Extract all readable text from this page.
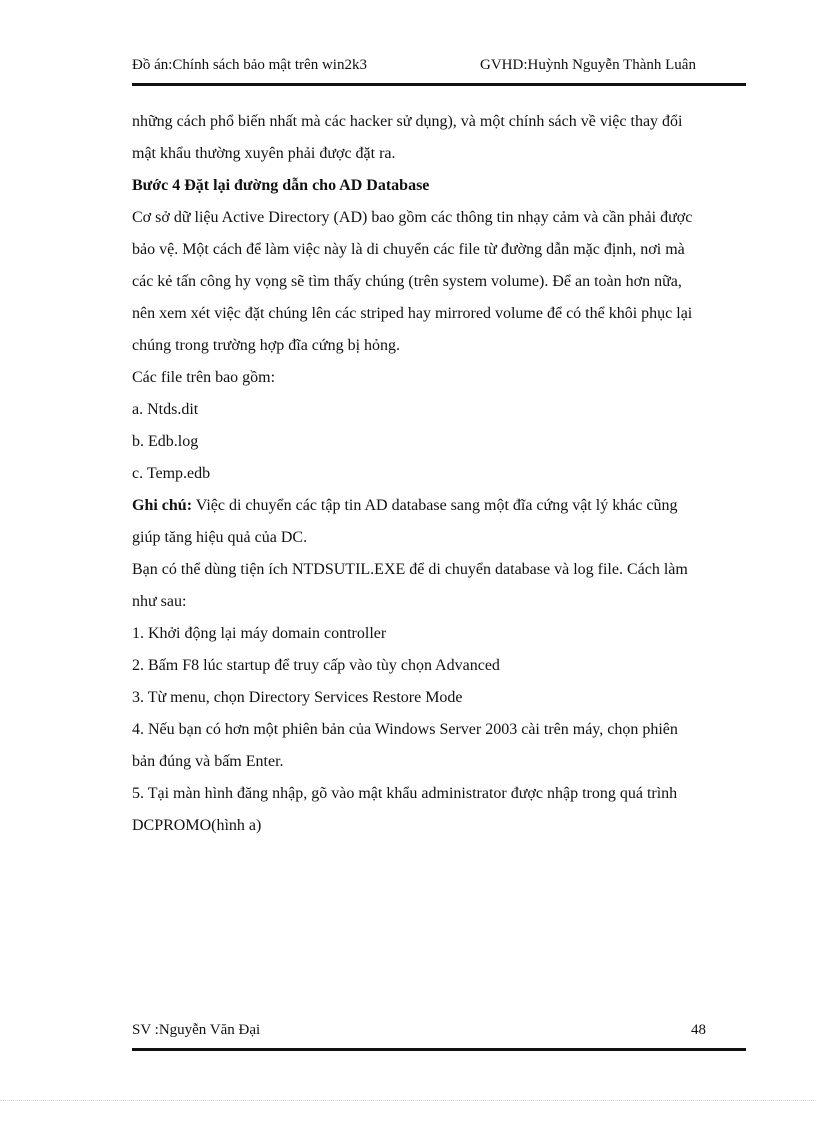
Đồ án:Chính sách bảo mật trên win2k3	GVHD:Huỳnh Nguyễn Thành Luân

những cách phổ biến nhất mà các hacker sử dụng), và một chính sách về việc thay đổi

mật khẩu thường xuyên phải được đặt ra.

Bước 4 Đặt lại đường dẫn cho AD Database

Cơ sở dữ liệu Active Directory (AD) bao gồm các thông tin nhạy cảm và cần phải được

bảo vệ. Một cách để làm việc này là di chuyển các file từ đường dẫn mặc định, nơi mà

các kẻ tấn công hy vọng sẽ tìm thấy chúng (trên system volume). Để an toàn hơn nữa,

nên xem xét việc đặt chúng lên các striped hay mirrored volume để có thể khôi phục lại

chúng trong trường hợp đĩa cứng bị hỏng.

Các file trên bao gồm:

a. Ntds.dit

b. Edb.log

c. Temp.edb

Ghi chú: Việc di chuyển các tập tin AD database sang một đĩa cứng vật lý khác cũng

giúp tăng hiệu quả của DC.

Bạn có thể dùng tiện ích NTDSUTIL.EXE để di chuyển database và log file. Cách làm

như sau:

1. Khởi động lại máy domain controller

2. Bấm F8 lúc startup để truy cấp vào tùy chọn Advanced

3. Từ menu, chọn Directory Services Restore Mode

4. Nếu bạn có hơn một phiên bản của Windows Server 2003 cài trên máy, chọn phiên

bản đúng và bấm Enter.

5. Tại màn hình đăng nhập, gõ vào mật khẩu administrator được nhập trong quá trình

DCPROMO(hình a)

SV :Nguyễn Văn Đại	48
